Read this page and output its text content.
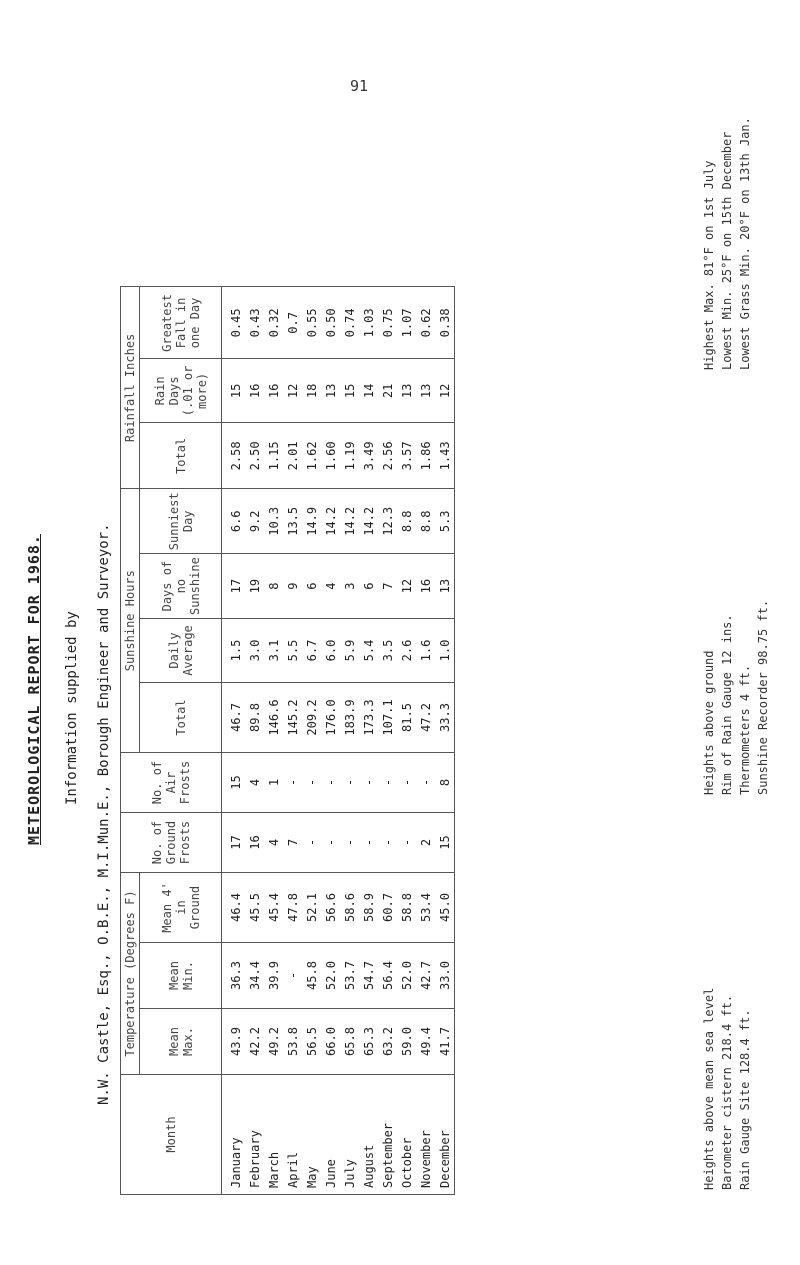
91
METEOROLOGICAL REPORT FOR 1968. Information supplied by N.W. Castle, Esq., O.B.E., M.I.Mun.E., Borough Engineer and Surveyor.
Month	Temperature (Degrees F)			No. of Ground Frosts	No. of Air Frosts	Sunshine Hours				Rainfall Inches		
	Mean Max.	Mean Min.	Mean 4' in Ground			Total	Daily Average	Days of no Sunshine	Sunniest Day	Total	Rain Days (.01 or more)	Greatest Fall in one Day
January	43.9	36.3	46.4	17	15	46.7	1.5	17	6.6	2.58	15	0.45
February	42.2	34.4	45.5	16	4	89.8	3.0	19	9.2	2.50	16	0.43
March	49.2	39.9	45.4	4	1	146.6	3.1	8	10.3	1.15	16	0.32
April	53.8	-	47.8	7	-	145.2	5.5	9	13.5	2.01	12	0.7
May	56.5	45.8	52.1	-	-	209.2	6.7	6	14.9	1.62	18	0.55
June	66.0	52.0	56.6	-	-	176.0	6.0	4	14.2	1.60	13	0.50
July	65.8	53.7	58.6	-	-	183.9	5.9	3	14.2	1.19	15	0.74
August	65.3	54.7	58.9	-	-	173.3	5.4	6	14.2	3.49	14	1.03
September	63.2	56.4	60.7	-	-	107.1	3.5	7	12.3	2.56	21	0.75
October	59.0	52.0	58.8	-	-	81.5	2.6	12	8.8	3.57	13	1.07
November	49.4	42.7	53.4	2	-	47.2	1.6	16	8.8	1.86	13	0.62
December	41.7	33.0	45.0	15	8	33.3	1.0	13	5.3	1.43	12	0.38
Heights above mean sea level Barometer cistern 218.4 ft. Rain Gauge Site 128.4 ft.
Heights above ground Rim of Rain Gauge 12 ins. Thermometers 4 ft. Sunshine Recorder 98.75 ft.
Highest Max. 81°F on 1st July Lowest Min. 25°F on 15th December Lowest Grass Min. 20°F on 13th Jan.
